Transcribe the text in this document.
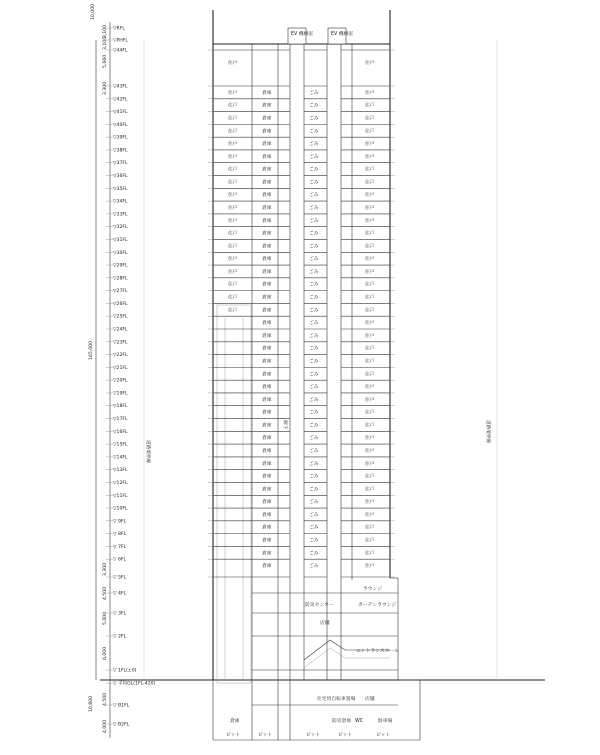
道路境界線
道路境界線
▽RFL
▽PHFL
▽44FL
▽43FL
▽42FL
▽41FL
▽40FL
▽39FL
▽38FL
▽37FL
▽36FL
▽35FL
▽34FL
▽33FL
▽32FL
▽31FL
▽30FL
▽29FL
▽28FL
▽27FL
▽26FL
▽25FL
▽24FL
▽23FL
▽22FL
▽21FL
▽20FL
▽19FL
▽18FL
▽17FL
▽16FL
▽15FL
▽14FL
▽13FL
▽12FL
▽11FL
▽10FL
▽ 9FL
▽ 8FL
▽ 7FL
▽ 6FL
▽ 5FL
▽ 4FL
▽ 3FL
▽ 2FL
▽ 1FL(±0)
▽ 平均GL(1FL-420)
▽ B1FL
▽ B2FL
住戸	倉庫	ごみ	住戸
住戸	倉庫	ごみ	住戸
住戸	倉庫	ごみ	住戸
住戸	倉庫	ごみ	住戸
住戸	倉庫	ごみ	住戸
住戸	倉庫	ごみ	住戸
住戸	倉庫	ごみ	住戸
住戸	倉庫	ごみ	住戸
住戸	倉庫	ごみ	住戸
住戸	倉庫	ごみ	住戸
住戸	倉庫	ごみ	住戸
住戸	倉庫	ごみ	住戸
住戸	倉庫	ごみ	住戸
住戸	倉庫	ごみ	住戸
住戸	倉庫	ごみ	住戸
住戸	倉庫	ごみ	住戸
住戸	倉庫	ごみ	住戸
住戸	倉庫	ごみ	住戸
倉庫	ごみ	住戸
倉庫	ごみ	住戸
倉庫	ごみ	住戸
倉庫	ごみ	住戸
倉庫	ごみ	住戸
倉庫	ごみ	住戸
倉庫	ごみ	住戸
倉庫	ごみ	住戸
倉庫	ごみ	住戸
倉庫	ごみ	住戸
倉庫	ごみ	住戸
倉庫	ごみ	住戸
倉庫	ごみ	住戸
倉庫	ごみ	住戸
倉庫	ごみ	住戸
倉庫	ごみ	住戸
倉庫	ごみ	住戸
倉庫	ごみ	住戸
倉庫	ごみ	住戸
倉庫	ごみ	住戸
住戸	住戸
10,000
3,100
3,100
5,660
3,300
165,000
3,300
4,500
5,000
6,000
10,800 4,500
4,000
EV 機械室	EV 機械室
廊下
防災センター
ラウンジ
ガーデンラウンジ
店舗
エントランスホール
住宅用自転車置場 店舗
防災倉庫 WC	駐車場
倉庫
ピット	ピット	ピット	ピット	ピット
